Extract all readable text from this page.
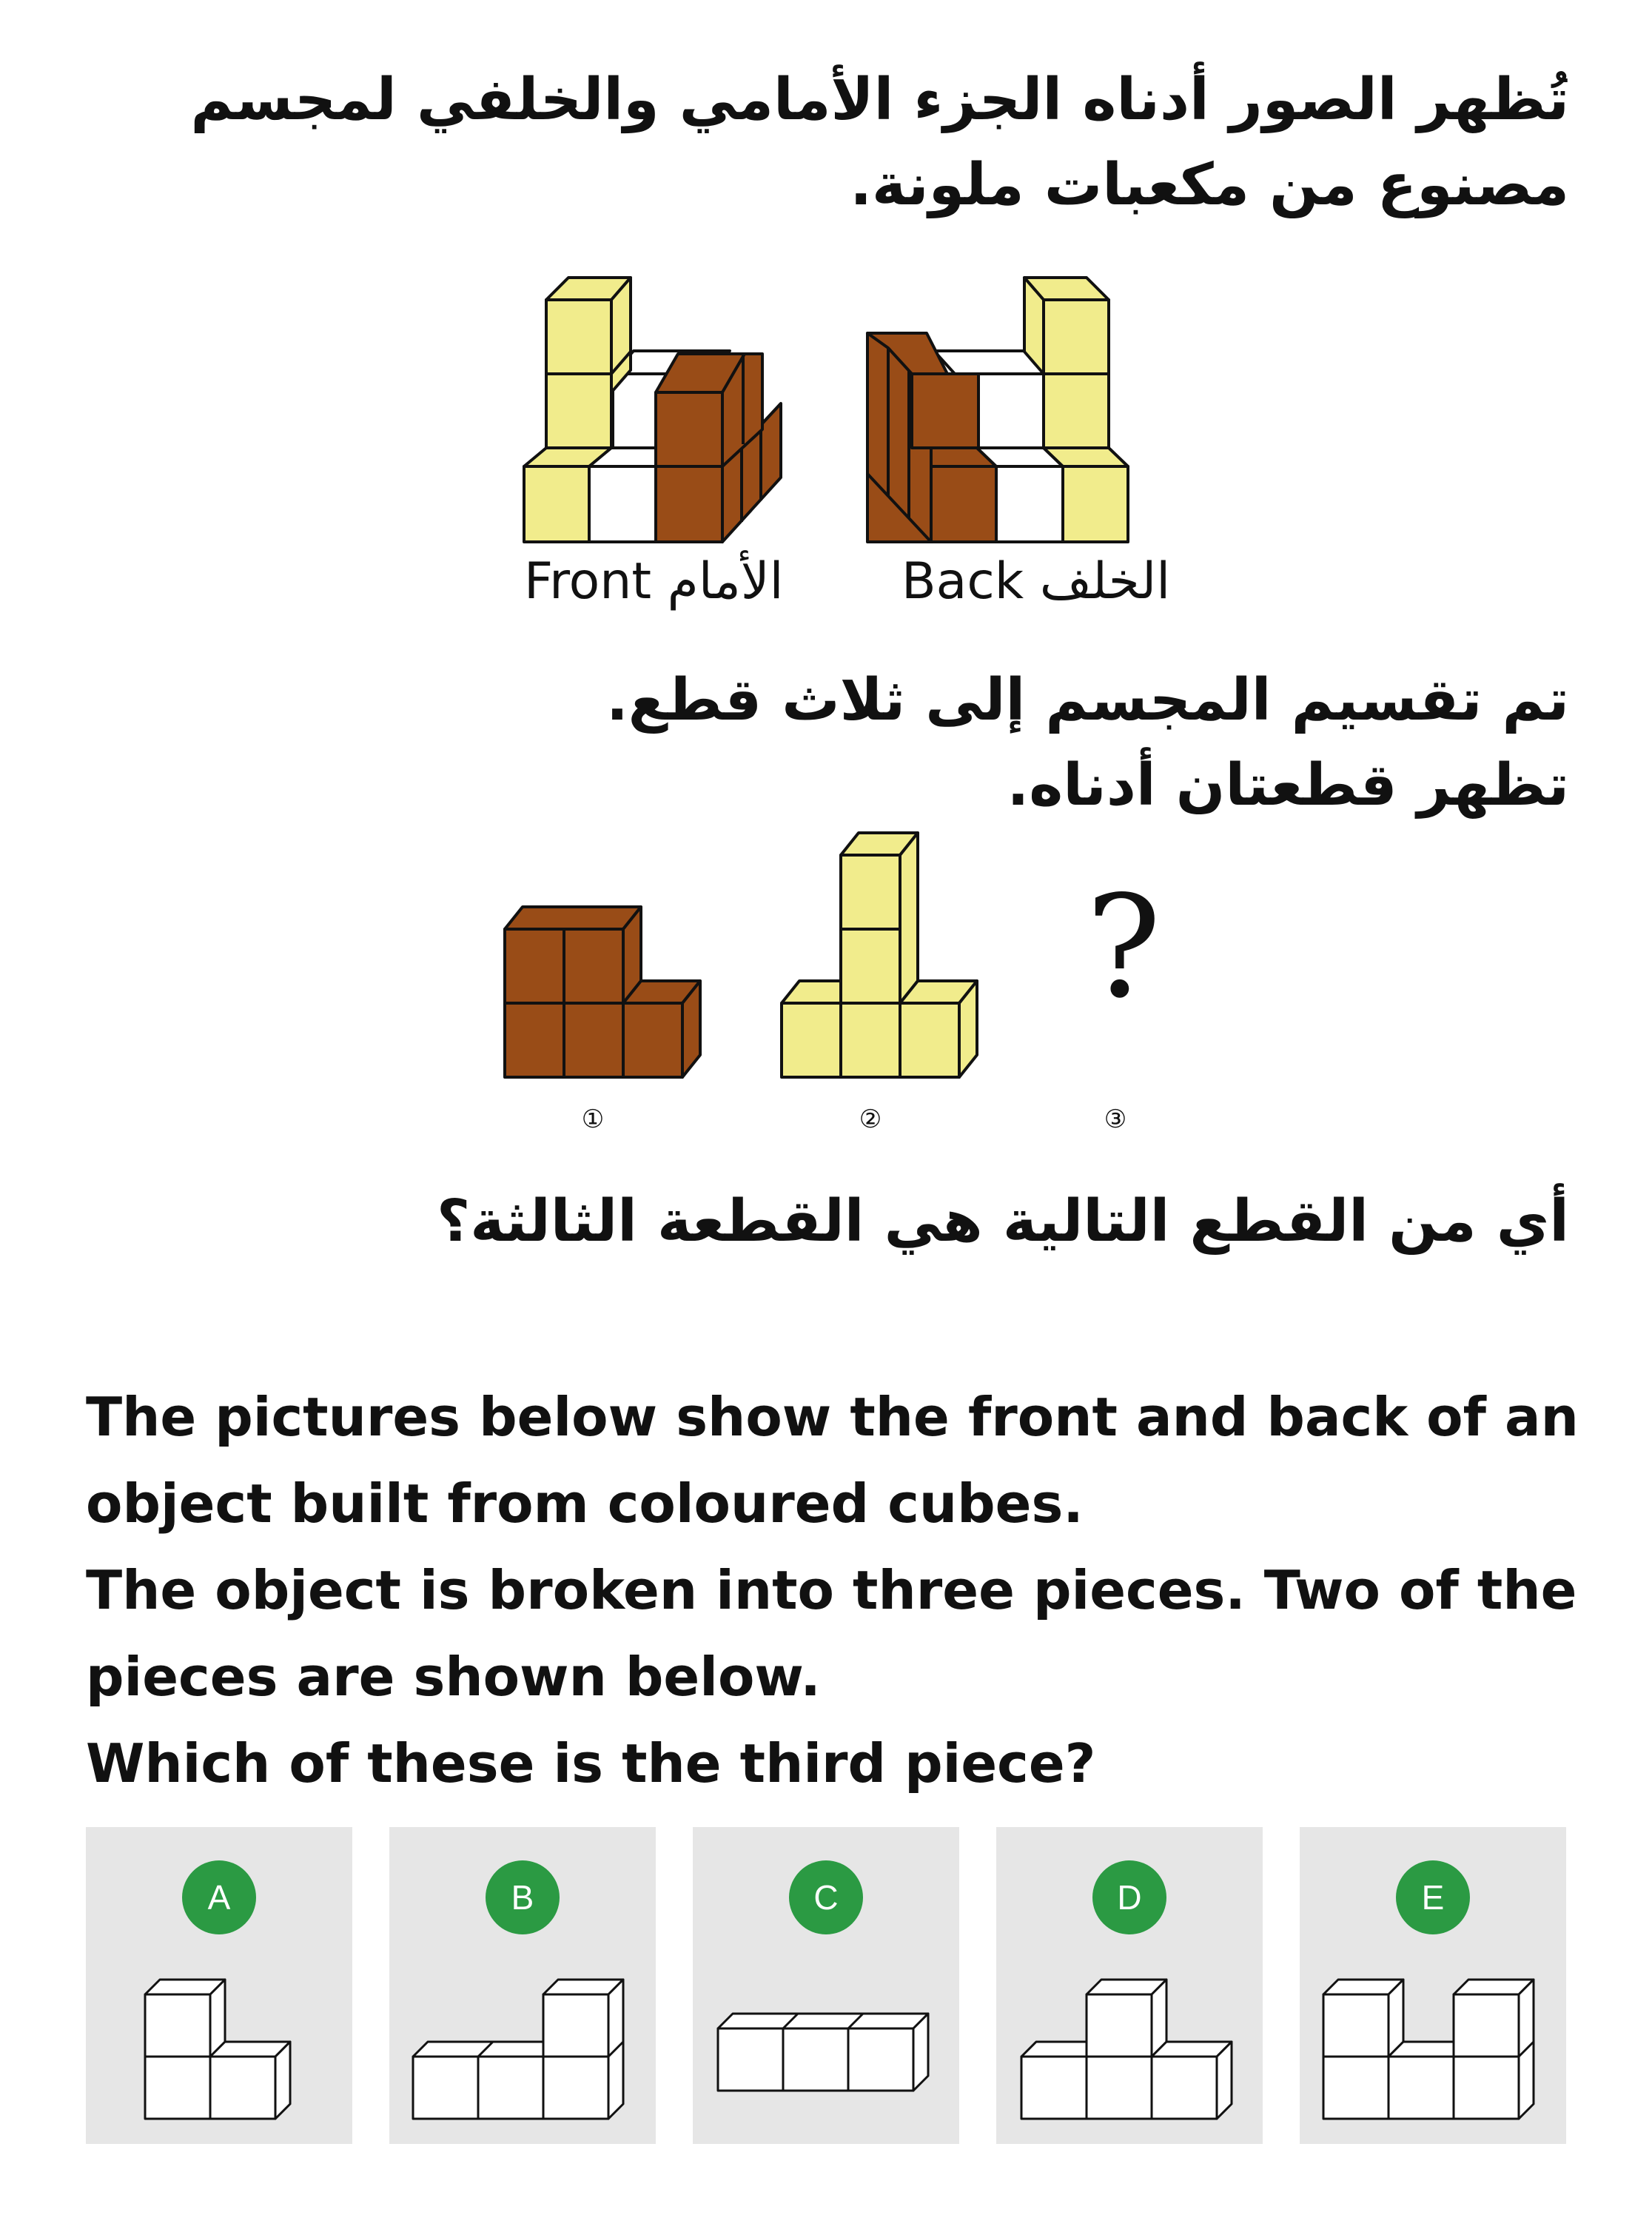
تُظهر الصور أدناه الجزء الأمامي والخلفي لمجسم

مصنوع من مكعبات ملونة.

Front الأمام Back الخلف

تم تقسيم المجسم إلى ثلاث قطع.

تظهر قطعتان أدناه.

①	②
?
③

أي من القطع التالية هي القطعة الثالثة؟

The pictures below show the front and back of an

object built from coloured cubes.

The object is broken into three pieces. Two of the

pieces are shown below.

Which of these is the third piece?

A	B	C	D	E
